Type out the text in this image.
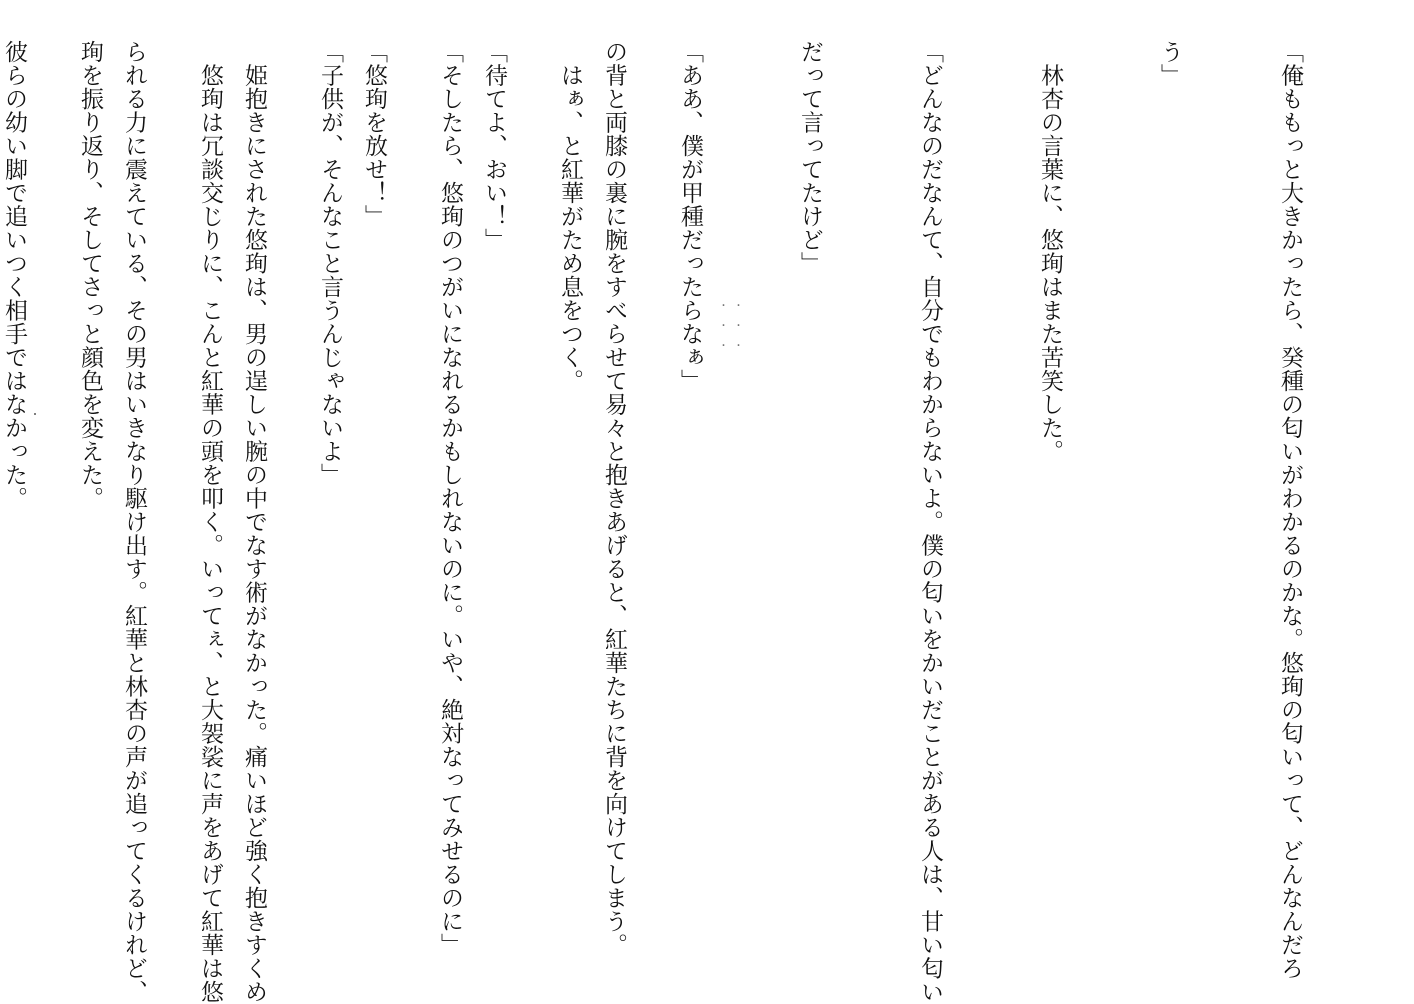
「俺ももっと大きかったら、癸種の匂いがわかるのかな。悠珣の匂いって、どんなんだろ

う」

　林杏の言葉に、悠珣はまた苦笑した。

「どんなのだなんて、自分でもわからないよ。僕の匂いをかいだことがある人は、甘い匂い

だって言ってたけど」

「ああ、僕が甲種だったらなぁ」

　はぁ、と紅華がため息をつく。

「そしたら、悠珣のつがいになれるかもしれないのに。いや、絶対なってみせるのに」

「子供が、そんなこと言うんじゃないよ」

　悠珣は冗談交じりに、こんと紅華の頭を叩く。いってぇ、と大袈裟に声をあげて紅華は悠

珣を振り返り、そしてさっと顔色を変えた。

	・・・
・・・

の背と両膝の裏に腕をすべらせて易々と抱きあげると、紅華たちに背を向けてしまう。

「待てよ、おい！」

「悠珣を放せ！」

　姫抱きにされた悠珣は、男の逞しい腕の中でなす術がなかった。痛いほど強く抱きすくめ

られる力に震えている、その男はいきなり駆け出す。紅華と林杏の声が追ってくるけれど、

彼らの幼い脚で追いつく相手ではなかった。
